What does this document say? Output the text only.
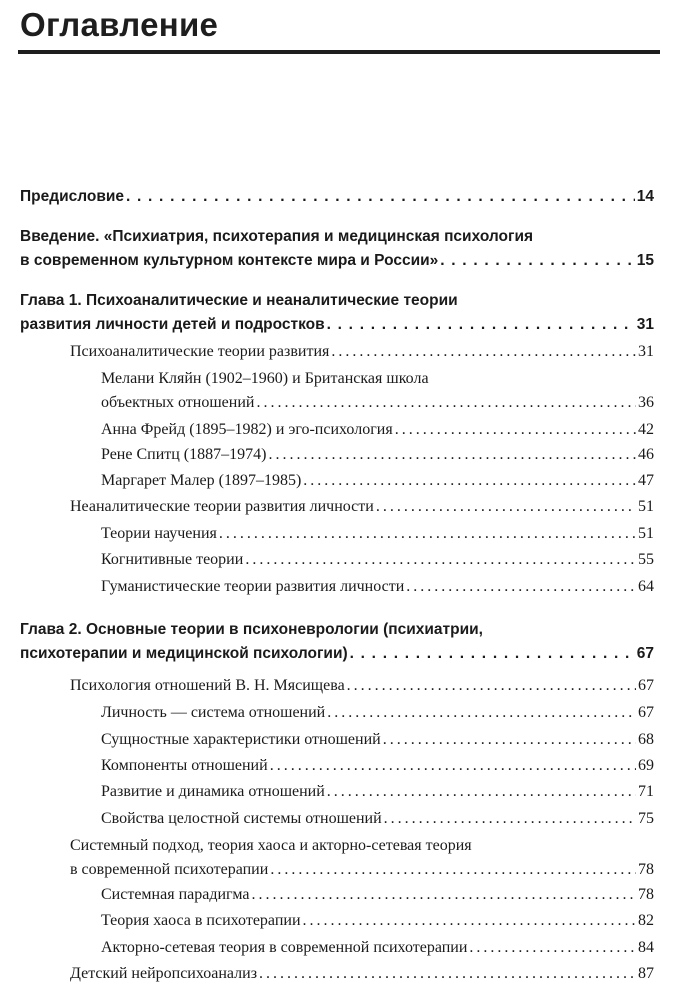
Оглавление
Предисловие . . .	14
Введение. «Психиатрия, психотерапия и медицинская психология
в современном культурном контексте мира и России» . . .	15
Глава 1. Психоаналитические и неаналитические теории
развития личности детей и подростков . . .	31
Психоаналитические теории развития . . .	31
Мелани Кляйн (1902–1960) и Британская школа
объектных отношений . . .	36
Анна Фрейд (1895–1982) и эго-психология . . .	42
Рене Спитц (1887–1974) . . .	46
Маргарет Малер (1897–1985) . . .	47
Неаналитические теории развития личности . . .	51
Теории научения . . .	51
Когнитивные теории . . .	55
Гуманистические теории развития личности . . .	64
Глава 2. Основные теории в психоневрологии (психиатрии,
психотерапии и медицинской психологии) . . .	67
Психология отношений В. Н. Мясищева . . .	67
Личность — система отношений . . .	67
Сущностные характеристики отношений . . .	68
Компоненты отношений . . .	69
Развитие и динамика отношений . . .	71
Свойства целостной системы отношений . . .	75
Системный подход, теория хаоса и акторно-сетевая теория
в современной психотерапии . . .	78
Системная парадигма . . .	78
Теория хаоса в психотерапии . . .	82
Акторно-сетевая теория в современной психотерапии . . .	84
Детский нейропсихоанализ . . .	87
